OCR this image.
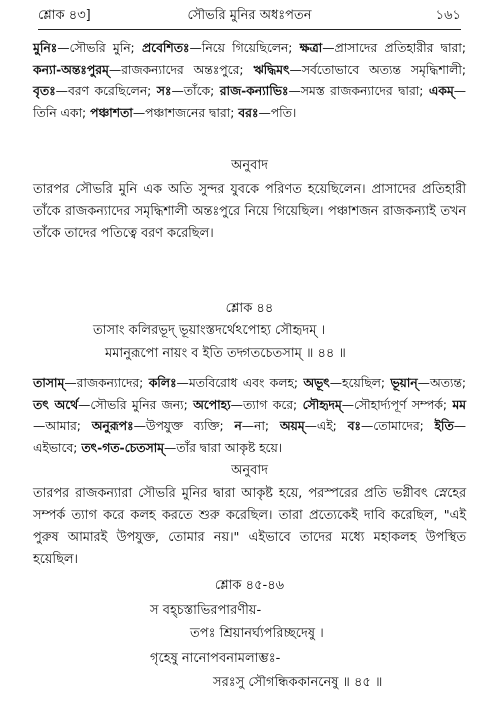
শ্লোক ৪৩]	সৌভরি মুনির অধঃপতন	১৬১
মুনিঃ—সৌভরি মুনি; প্রবেশিতঃ—নিয়ে গিয়েছিলেন; ক্ষত্রা—প্রাসাদের প্রতিহারীর দ্বারা; কন্যা-অন্তঃপুরম্—রাজকন্যাদের অন্তঃপুরে; ঋদ্ধিমৎ—সর্বতোভাবে অত্যন্ত সমৃদ্ধিশালী; বৃতঃ—বরণ করেছিলেন; সঃ—তাঁকে; রাজ-কন্যাভিঃ—সমস্ত রাজকন্যাদের দ্বারা; একম্—তিনি একা; পঞ্চাশতা—পঞ্চাশজনের দ্বারা; বরঃ—পতি।
অনুবাদ
তারপর সৌভরি মুনি এক অতি সুন্দর যুবকে পরিণত হয়েছিলেন। প্রাসাদের প্রতিহারী তাঁকে রাজকন্যাদের সমৃদ্ধিশালী অন্তঃপুরে নিয়ে গিয়েছিল। পঞ্চাশজন রাজকন্যাই তখন তাঁকে তাদের পতিত্বে বরণ করেছিল।
শ্লোক ৪৪
তাসাং কলিরভূদ্ ভূয়াংস্তদর্থেঽপোহ্য সৌহৃদম্ ।
মমানুরূপো নায়ং ব ইতি তদ্গতচেতসাম্ ॥ ৪৪ ॥
তাসাম্—রাজকন্যাদের; কলিঃ—মতবিরোধ এবং কলহ; অভূৎ—হয়েছিল; ভূয়ান্—অত্যন্ত; তৎ অর্থে—সৌভরি মুনির জন্য; অপোহ্য—ত্যাগ করে; সৌহৃদম্—সৌহার্দ্যপূর্ণ সম্পর্ক; মম—আমার; অনুরূপঃ—উপযুক্ত ব্যক্তি; ন—না; অয়ম্—এই; বঃ—তোমাদের; ইতি—এইভাবে; তৎ-গত-চেতসাম্—তাঁর দ্বারা আকৃষ্ট হয়ে।
অনুবাদ
তারপর রাজকন্যারা সৌভরি মুনির দ্বারা আকৃষ্ট হয়ে, পরস্পরের প্রতি ভগ্নীবৎ স্নেহের সম্পর্ক ত্যাগ করে কলহ করতে শুরু করেছিল। তারা প্রত্যেকেই দাবি করেছিল, "এই পুরুষ আমারই উপযুক্ত, তোমার নয়।" এইভাবে তাদের মধ্যে মহাকলহ উপস্থিত হয়েছিল।
শ্লোক ৪৫-৪৬
স বহ্‌চস্তাভিরপারণীয়-
তপঃ শ্রিয়ানর্ঘ্যপরিচ্ছদেষু ।
গৃহেষু নানোপবনামলাম্ভঃ-
সরঃসু সৌগন্ধিককাননেষু ॥ ৪৫ ॥
